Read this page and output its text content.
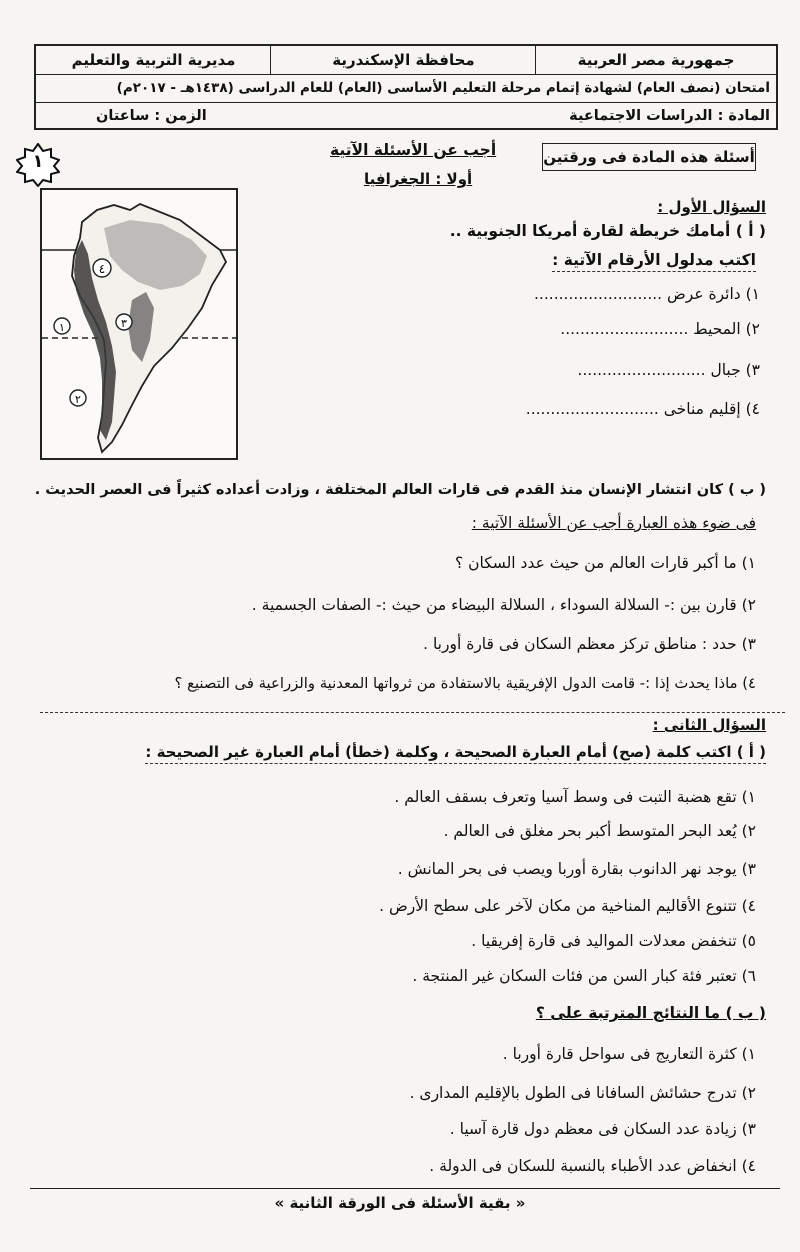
جمهورية مصر العربية
محافظة الإسكندرية
مديرية التربية والتعليم
امتحان (نصف العام) لشهادة إتمام مرحلة التعليم الأساسى (العام) للعام الدراسى (١٤٣٨هـ - ٢٠١٧م)
المادة : الدراسات الاجتماعية
الزمن : ساعتان
أسئلة هذه المادة فى ورقتين
أجب عن الأسئلة الآتية
أولا : الجغرافيا
١
٤
٣
١
٢
السؤال الأول :
( أ ) أمامك خريطة لقارة أمريكا الجنوبية ..
اكتب مدلول الأرقام الآتية :
١) دائرة عرض ..........................
٢) المحيط ..........................
٣) جبال ..........................
٤) إقليم مناخى ...........................
( ب ) كان انتشار الإنسان منذ القدم فى قارات العالم المختلفة ، وزادت أعداده كثيراً فى العصر الحديث .
فى ضوء هذه العبارة أجب عن الأسئلة الآتية :
١) ما أكبر قارات العالم من حيث عدد السكان ؟
٢) قارن بين :- السلالة السوداء ، السلالة البيضاء من حيث :- الصفات الجسمية .
٣) حدد : مناطق تركز معظم السكان فى قارة أوربا .
٤) ماذا يحدث إذا :- قامت الدول الإفريقية بالاستفادة من ثرواتها المعدنية والزراعية فى التصنيع ؟
السؤال الثانى :
( أ ) اكتب كلمة (صح) أمام العبارة الصحيحة ، وكلمة (خطأ) أمام العبارة غير الصحيحة :
١) تقع هضبة التبت فى وسط آسيا وتعرف بسقف العالم .
٢) يُعد البحر المتوسط أكبر بحر مغلق فى العالم .
٣) يوجد نهر الدانوب بقارة أوربا ويصب فى بحر المانش .
٤) تتنوع الأقاليم المناخية من مكان لآخر على سطح الأرض .
٥) تنخفض معدلات المواليد فى قارة إفريقيا .
٦) تعتبر فئة كبار السن من فئات السكان غير المنتجة .
( ب ) ما النتائج المترتبة على ؟
١) كثرة التعاريج فى سواحل قارة أوربا .
٢) تدرج حشائش السافانا فى الطول بالإقليم المدارى .
٣) زيادة عدد السكان فى معظم دول قارة آسيا .
٤) انخفاض عدد الأطباء بالنسبة للسكان فى الدولة .
« بقية الأسئلة فى الورقة الثانية »
